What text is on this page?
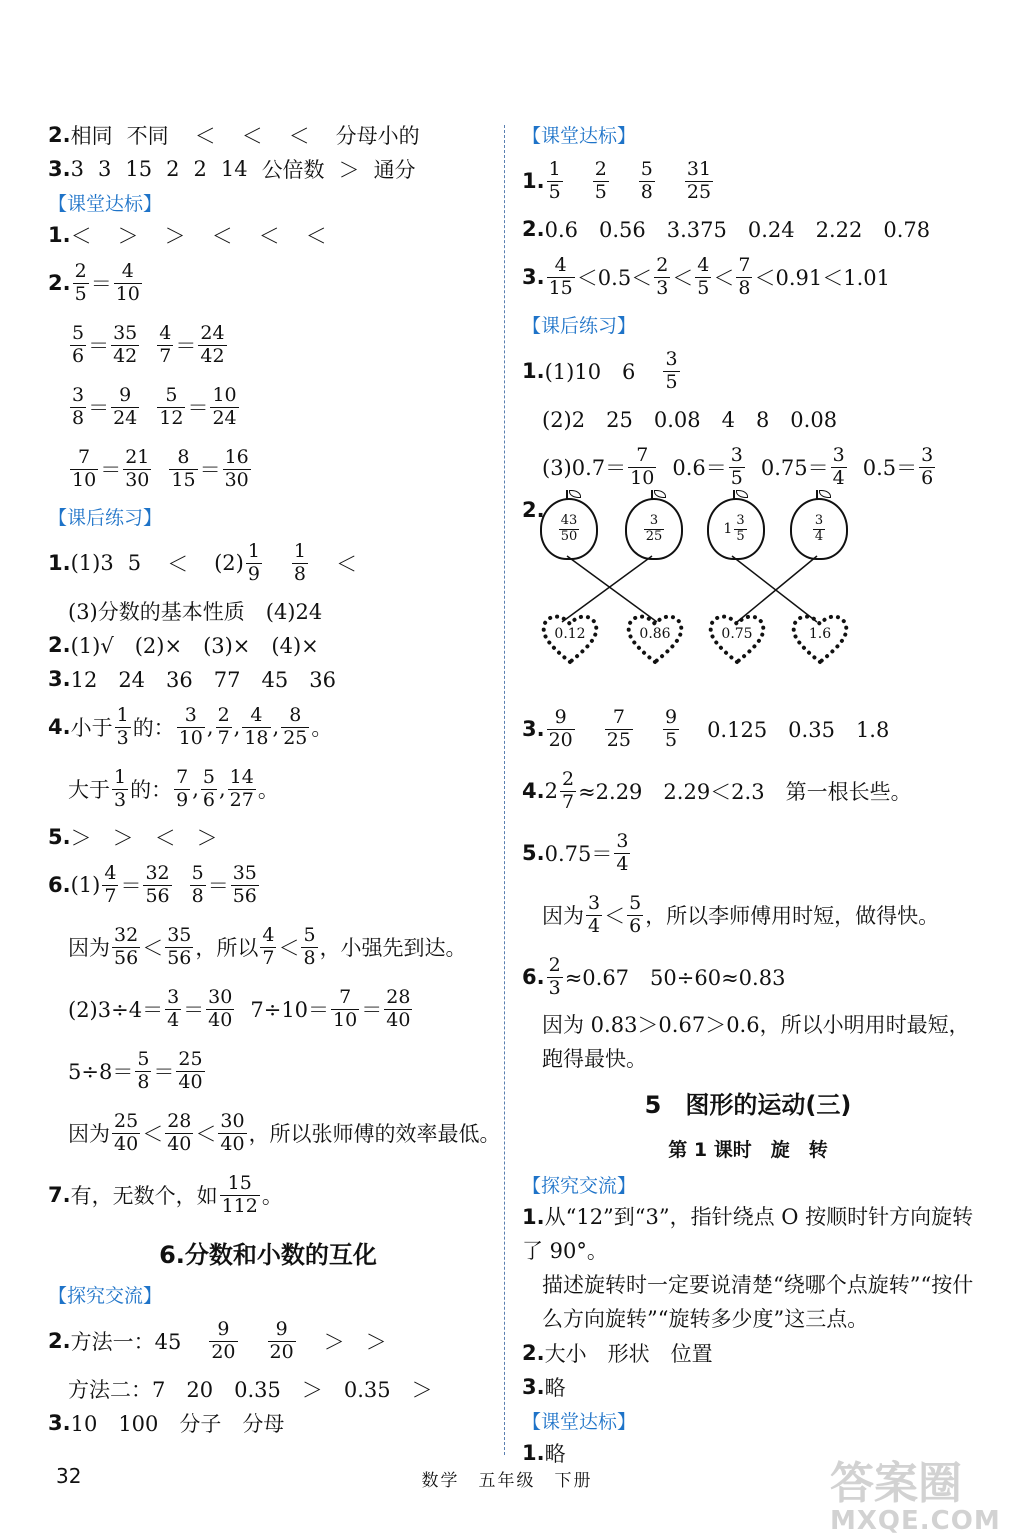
2. 相同 不同 ＜ ＜ ＜ 分母小的
3. 3 3 15 2 2 14 公倍数 ＞ 通分
【课堂达标】
1. ＜ ＞ ＞ ＜ ＜ ＜
2.
2
5 ＝
4
10
5
6 ＝
35
42
4
7 ＝
24
42
3
8 ＝
9
24
5
12 ＝
10
24
7
10 ＝
21
30
8
15 ＝
16
30
【课后练习】
1. (1)3 5 ＜ (2)
1
9
1
8 ＜
(3)分数的基本性质　(4)24
2. (1)√　(2)×　(3)×　(4)×
3. 12　24　36　77　45　36
4. 小于
1
3 的：
3
10 ,
2
7 ,
4
18 ,
8
25 。
大于
1
3 的：
7
9 ,
5
6 ,
14
27 。
5. ＞　＞　＜　＞
6. (1)
4
7 ＝
32
56
5
8 ＝
35
56
因为
32
56 ＜
35
56 ，所以
4
7 ＜
5
8 ，小强先到达。
(2)3÷4＝
3
4 ＝
30
40 7÷10＝
7
10 ＝
28
40
5÷8＝
5
8 ＝
25
40
因为
25
40 ＜
28
40 ＜
30
40 ，所以张师傅的效率最低。
7. 有，无数个，如
15
112 。
6.分数和小数的互化
【探究交流】
2. 方法一：45
9
20
9
20 ＞　＞
方法二：7　20　0.35　＞　0.35　＞
3. 10　100　分子　分母
【课堂达标】
1.
1
5
2
5
5
8
31
25
2. 0.6　0.56　3.375　0.24　2.22　0.78
3.
4
15 ＜0.5＜
2
3 ＜
4
5 ＜
7
8 ＜0.91＜1.01
【课后练习】
1. (1)10　6
3
5
(2)2　25　0.08　4　8　0.08
(3)0.7＝
7
10 0.6＝
3
5 0.75＝
3
4 0.5＝
3
6
2. 43
50
3
25	1
3
5
3
4
0.12	0.86	0.75	1.6
3.
9
20
7
25
9
5 0.125　0.35　1.8
4. $2 \frac{2}{7} \approx 2.29$　2.29＜2.3　第一根长些。
5. 0.75＝
3
4
因为
3
4 ＜
5
6 ，所以李师傅用时短，做得快。
6. $\frac{2}{3} \approx 0.67$　50÷60≈0.83
因为 0.83＞0.67＞0.6，所以小明用时最短，跑得最快。
5　图形的运动(三)
第 1 课时　旋　转
【探究交流】
1.从“12”到“3”，指针绕点 O 按顺时针方向旋转了 90°。
描述旋转时一定要说清楚“绕哪个点旋转”“按什么方向旋转”“旋转多少度”这三点。
2. 大小　形状　位置
3. 略
【课堂达标】
1. 略
32	数学　五年级　下册	答案圈
MXQE.COM
